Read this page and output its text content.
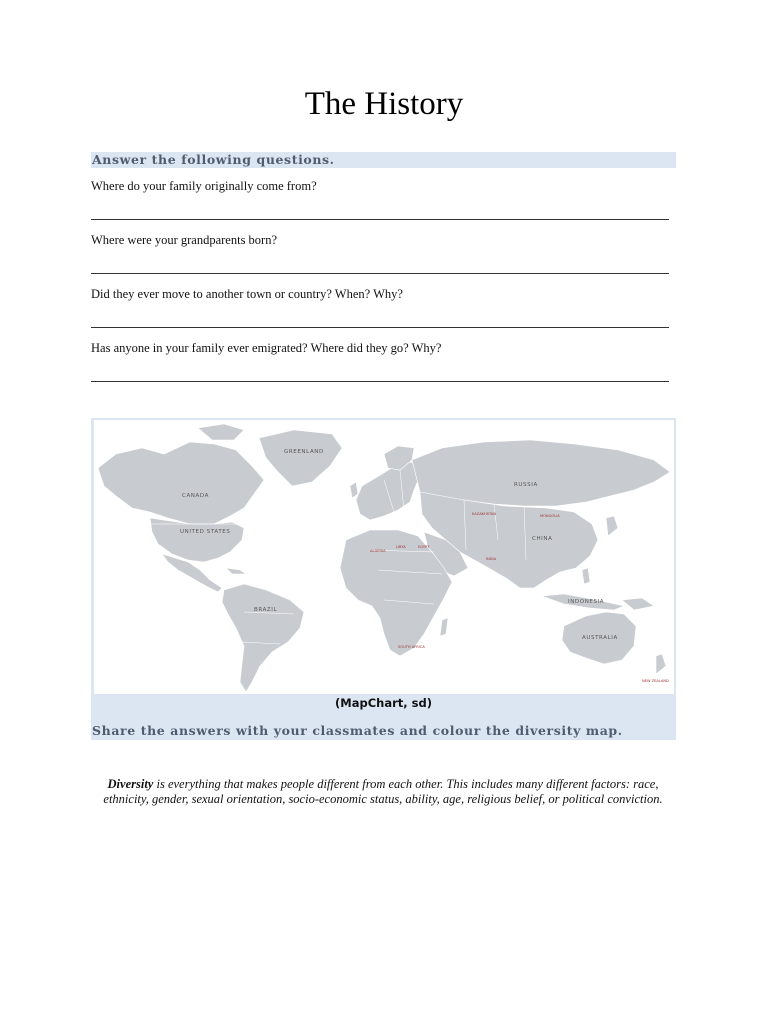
The History
Answer the following questions.
Where do your family originally come from?
Where were your grandparents born?
Did they ever move to another town or country? When? Why?
Has anyone in your family ever emigrated? Where did they go? Why?
GREENLAND
CANADA
UNITED STATES
BRAZIL
RUSSIA
CHINA
MONGOLIA
KAZAKHSTAN
INDIA
ALGERIA
LIBYA	EGYPT
INDONESIA
AUSTRALIA
SOUTH AFRICA
NEW ZEALAND
(MapChart, sd)
Share the answers with your classmates and colour the diversity map.
Diversity is everything that makes people different from each other. This includes many different factors: race, ethnicity, gender, sexual orientation, socio-economic status, ability, age, religious belief, or political conviction.
